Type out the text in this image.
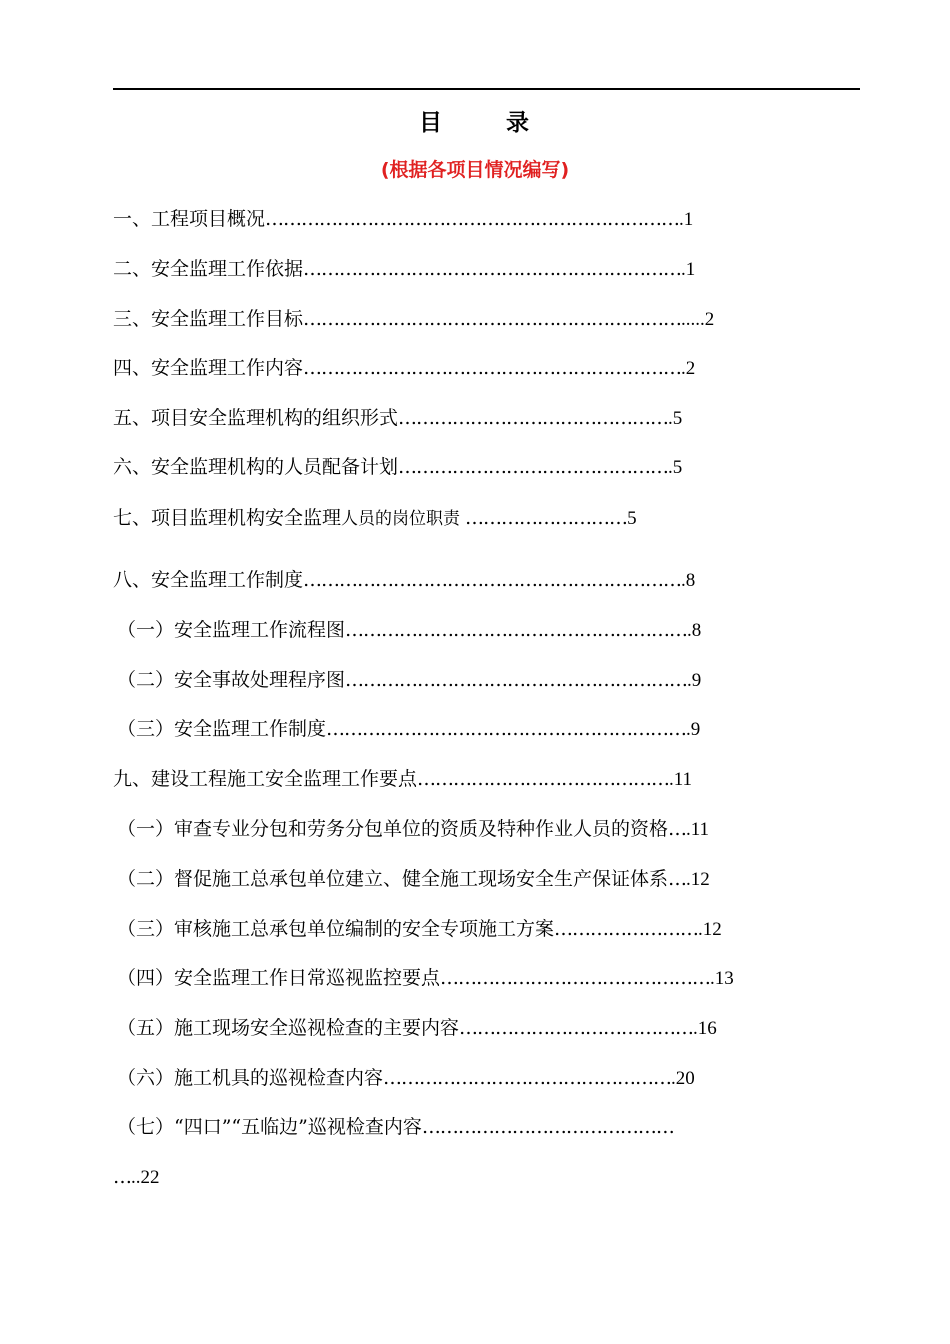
目	录
(根据各项目情况编写)
一、工程项目概况…………………………………………………………….1
二、安全监理工作依据……………………………………………………….1
三、安全监理工作目标……………………………………………………….....2
四、安全监理工作内容……………………………………………………….2
五、项目安全监理机构的组织形式……………………………………….5
六、安全监理机构的人员配备计划……………………………………….5
七、项目监理机构安全监理人员的岗位职责 ………………………5
八、安全监理工作制度……………………………………………………….8
（一）安全监理工作流程图………………………………………………….8
（二）安全事故处理程序图………………………………………………….9
（三）安全监理工作制度…………………………………………………….9
九、建设工程施工安全监理工作要点…………………………………….11
（一）审查专业分包和劳务分包单位的资质及特种作业人员的资格….11
（二）督促施工总承包单位建立、健全施工现场安全生产保证体系….12
（三）审核施工总承包单位编制的安全专项施工方案…………………….12
（四）安全监理工作日常巡视监控要点……………………………………….13
（五）施工现场安全巡视检查的主要内容………………………………….16
（六）施工机具的巡视检查内容………………………………………….20
（七）“四口”“五临边”巡视检查内容……………………………………
…..22
